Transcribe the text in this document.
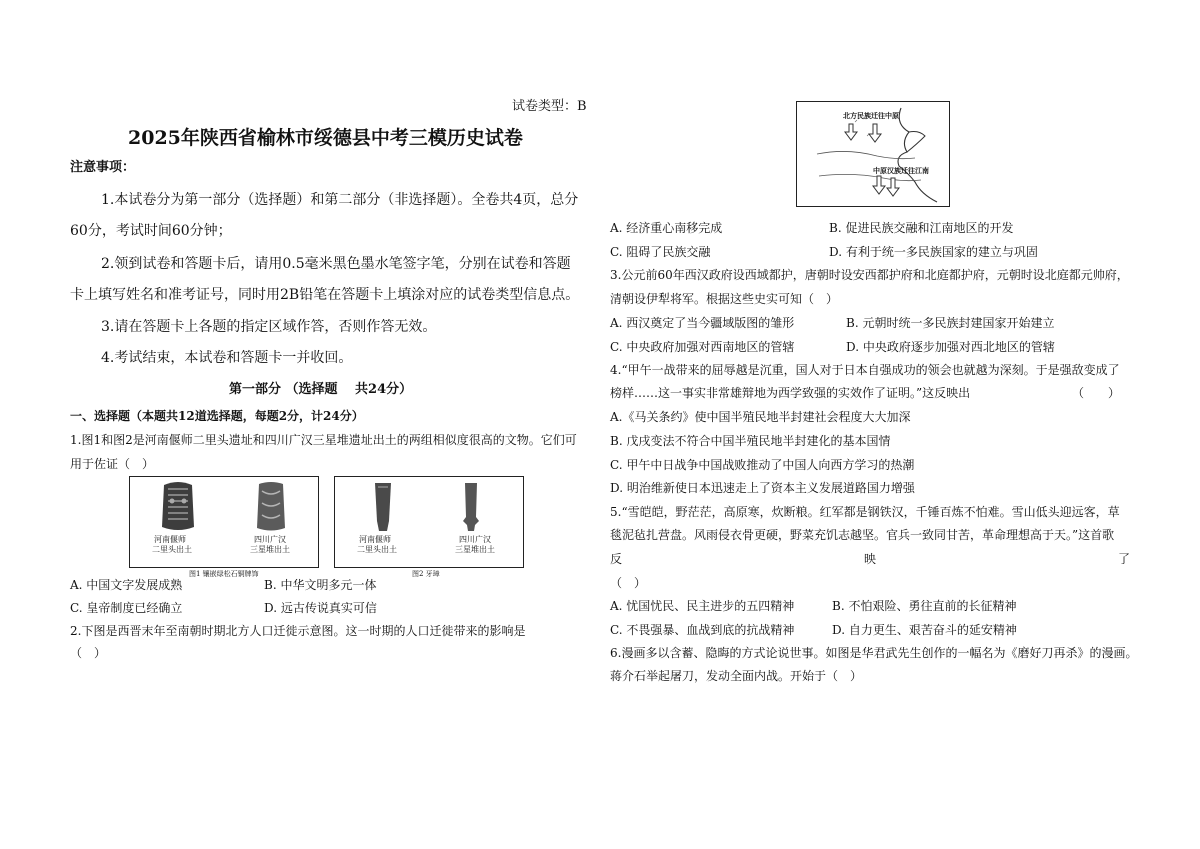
试卷类型：B
2025年陕西省榆林市绥德县中考三模历史试卷
注意事项：
1.本试卷分为第一部分（选择题）和第二部分（非选择题）。全卷共4页，总分
60分，考试时间60分钟；
2.领到试卷和答题卡后，请用0.5毫米黑色墨水笔签字笔，分别在试卷和答题
卡上填写姓名和准考证号，同时用2B铅笔在答题卡上填涂对应的试卷类型信息点。
3.请在答题卡上各题的指定区域作答，否则作答无效。
4.考试结束，本试卷和答题卡一并收回。
第一部分 （选择题　 共24分）
一、选择题（本题共12道选择题，每题2分，计24分）
1.图1和图2是河南偃师二里头遗址和四川广汉三星堆遗址出土的两组相似度很高的文物。它们可
用于佐证（　）
河南偃师
二里头出土
四川广汉
三星堆出土
图1 镶嵌绿松石铜牌饰
河南偃师
二里头出土
四川广汉
三星堆出土
图2 牙璋
A. 中国文字发展成熟	B. 中华文明多元一体
C. 皇帝制度已经确立	D. 远古传说真实可信
2.下图是西晋末年至南朝时期北方人口迁徙示意图。这一时期的人口迁徙带来的影响是
（　）
北方民族迁往中原
中原汉族迁往江南
A. 经济重心南移完成	B. 促进民族交融和江南地区的开发
C. 阻碍了民族交融	D. 有利于统一多民族国家的建立与巩固
3.公元前60年西汉政府设西域都护，唐朝时设安西都护府和北庭都护府，元朝时设北庭都元帅府，
清朝设伊犁将军。根据这些史实可知（　）
A. 西汉奠定了当今疆域版图的雏形	B. 元朝时统一多民族封建国家开始建立
C. 中央政府加强对西南地区的管辖	D. 中央政府逐步加强对西北地区的管辖
4.“甲午一战带来的屈辱越是沉重，国人对于日本自强成功的领会也就越为深刻。于是强敌变成了
榜样……这一事实非常雄辩地为西学致强的实效作了证明。”这反映出	（　　）
A.《马关条约》使中国半殖民地半封建社会程度大大加深
B. 戊戌变法不符合中国半殖民地半封建化的基本国情
C. 甲午中日战争中国战败推动了中国人向西方学习的热潮
D. 明治维新使日本迅速走上了资本主义发展道路国力增强
5.“雪皑皑，野茫茫，高原寒，炊断粮。红军都是钢铁汉，千锤百炼不怕难。雪山低头迎远客，草
毯泥毡扎营盘。风雨侵衣骨更硬，野菜充饥志越坚。官兵一致同甘苦，革命理想高于天。”这首歌
反	映	了
（　）
A. 忧国忧民、民主进步的五四精神	B. 不怕艰险、勇往直前的长征精神
C. 不畏强暴、血战到底的抗战精神	D. 自力更生、艰苦奋斗的延安精神
6.漫画多以含蓄、隐晦的方式论说世事。如图是华君武先生创作的一幅名为《磨好刀再杀》的漫画。
蒋介石举起屠刀，发动全面内战。开始于（　）
